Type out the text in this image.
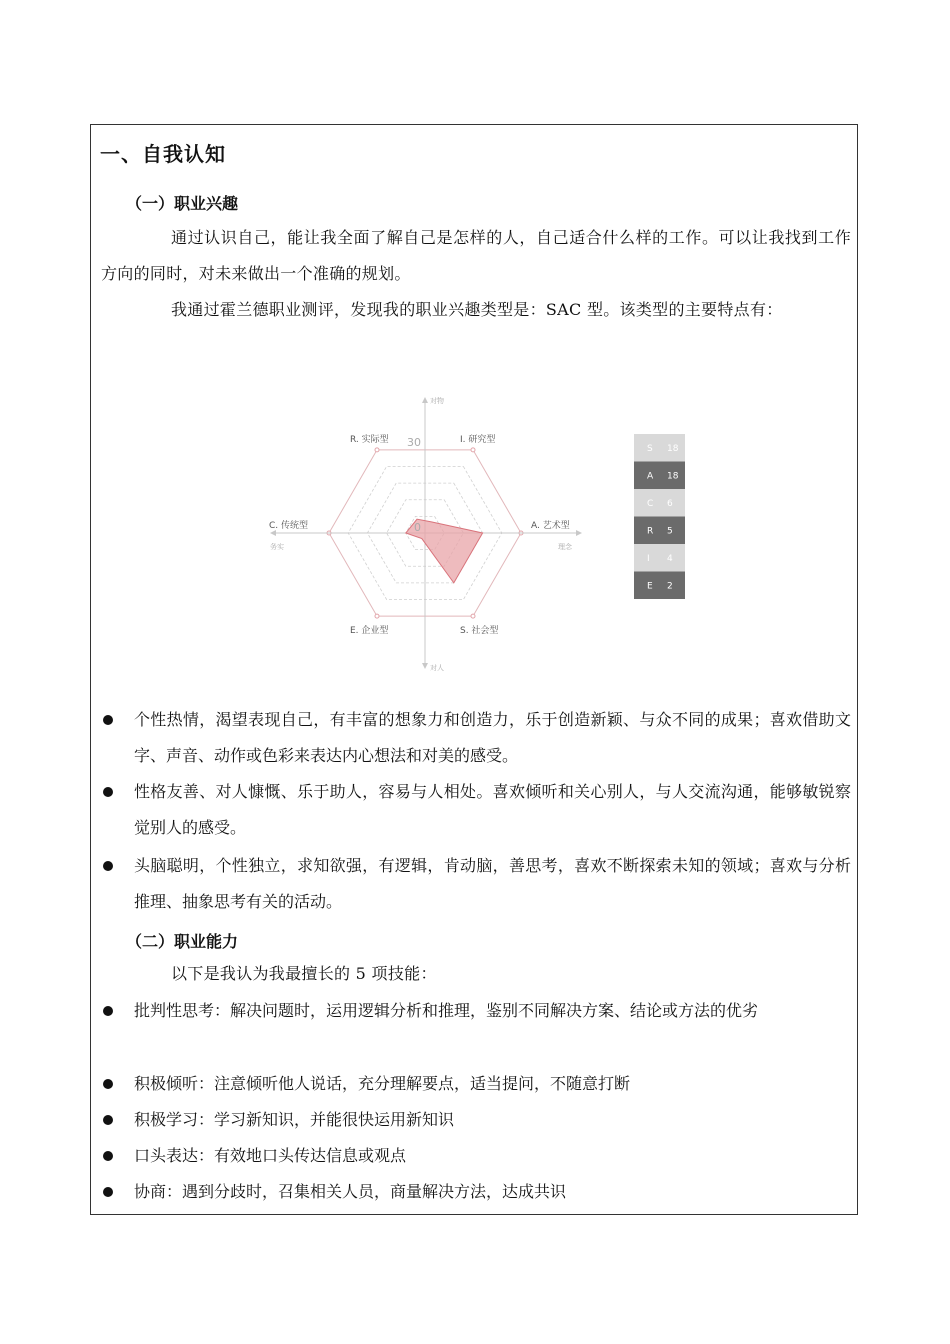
一、自我认知
（一）职业兴趣
通过认识自己，能让我全面了解自己是怎样的人，自己适合什么样的工作。可以让我找到工作方向的同时，对未来做出一个准确的规划。
我通过霍兰德职业测评，发现我的职业兴趣类型是：SAC 型。该类型的主要特点有：
对物
对人
务实	理念
30
0
I. 研究型
A. 艺术型
S. 社会型
E. 企业型
C. 传统型
R. 实际型
S 18
A 18
C 6
R 5
I 4
E 2
个性热情，渴望表现自己，有丰富的想象力和创造力，乐于创造新颖、与众不同的成果；喜欢借助文字、声音、动作或色彩来表达内心想法和对美的感受。
性格友善、对人慷慨、乐于助人，容易与人相处。喜欢倾听和关心别人，与人交流沟通，能够敏锐察觉别人的感受。
头脑聪明，个性独立，求知欲强，有逻辑，肯动脑，善思考，喜欢不断探索未知的领域；喜欢与分析推理、抽象思考有关的活动。
（二）职业能力
以下是我认为我最擅长的 5 项技能：
批判性思考：解决问题时，运用逻辑分析和推理，鉴别不同解决方案、结论或方法的优劣
积极倾听：注意倾听他人说话，充分理解要点，适当提问，不随意打断
积极学习：学习新知识，并能很快运用新知识
口头表达：有效地口头传达信息或观点
协商：遇到分歧时，召集相关人员，商量解决方法，达成共识
